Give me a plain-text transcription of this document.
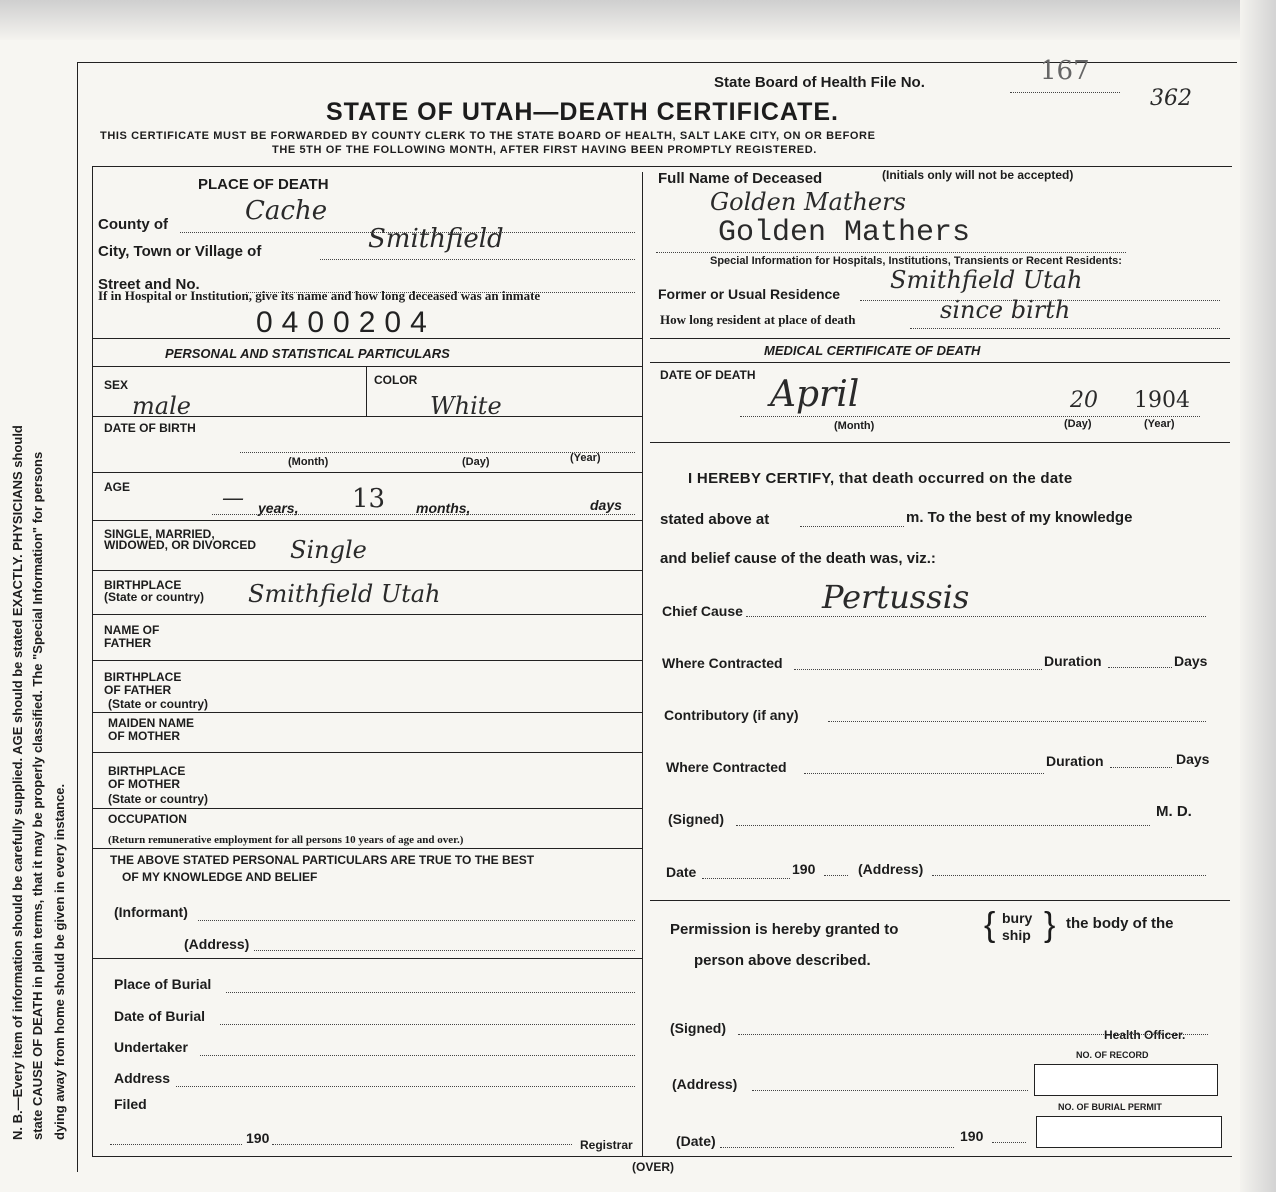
N. B.—Every item of information should be carefully supplied. AGE should be stated EXACTLY. PHYSICIANS should state CAUSE OF DEATH in plain terms, that it may be properly classified. The "Special Information" for persons dying away from home should be given in every instance.
State Board of Health File No.	167
362
STATE OF UTAH—DEATH CERTIFICATE.
THIS CERTIFICATE MUST BE FORWARDED BY COUNTY CLERK TO THE STATE BOARD OF HEALTH, SALT LAKE CITY, ON OR BEFORE
THE 5TH OF THE FOLLOWING MONTH, AFTER FIRST HAVING BEEN PROMPTLY REGISTERED.
PLACE OF DEATH
County of	Cache
City, Town or Village of	Smithfield
Street and No.
If in Hospital or Institution, give its name and how long deceased was an inmate
0400204
PERSONAL AND STATISTICAL PARTICULARS
SEX
male
COLOR
White
DATE OF BIRTH
(Month)	(Day)	(Year)
AGE	— years, 13 months,	days
SINGLE, MARRIED,
WIDOWED, OR DIVORCED Single
BIRTHPLACE
(State or country) Smithfield Utah
NAME OF
FATHER
BIRTHPLACE
OF FATHER
(State or country)
MAIDEN NAME
OF MOTHER
BIRTHPLACE
OF MOTHER
(State or country)
OCCUPATION
(Return remunerative employment for all persons 10 years of age and over.)
THE ABOVE STATED PERSONAL PARTICULARS ARE TRUE TO THE BEST
OF MY KNOWLEDGE AND BELIEF
(Informant)
(Address)
Place of Burial
Date of Burial
Undertaker
Address
Filed
190	Registrar
(OVER)
Full Name of Deceased	(Initials only will not be accepted)
Golden Mathers
Golden Mathers
Special Information for Hospitals, Institutions, Transients or Recent Residents:
Former or Usual Residence Smithfield Utah
How long resident at place of death	since birth
MEDICAL CERTIFICATE OF DEATH
DATE OF DEATH April	20 1904
(Month)	(Day)	(Year)
I HEREBY CERTIFY, that death occurred on the date
stated above at	m. To the best of my knowledge
and belief cause of the death was, viz.:
Chief Cause Pertussis
Where Contracted	Duration	Days
Contributory (if any)
Where Contracted	Duration	Days
(Signed)	M. D.
Date	190	(Address)
Permission is hereby granted to	{ bury
ship } the body of the
person above described.
(Signed)	Health Officer.
NO. OF RECORD
(Address)
NO. OF BURIAL PERMIT
(Date)	190
